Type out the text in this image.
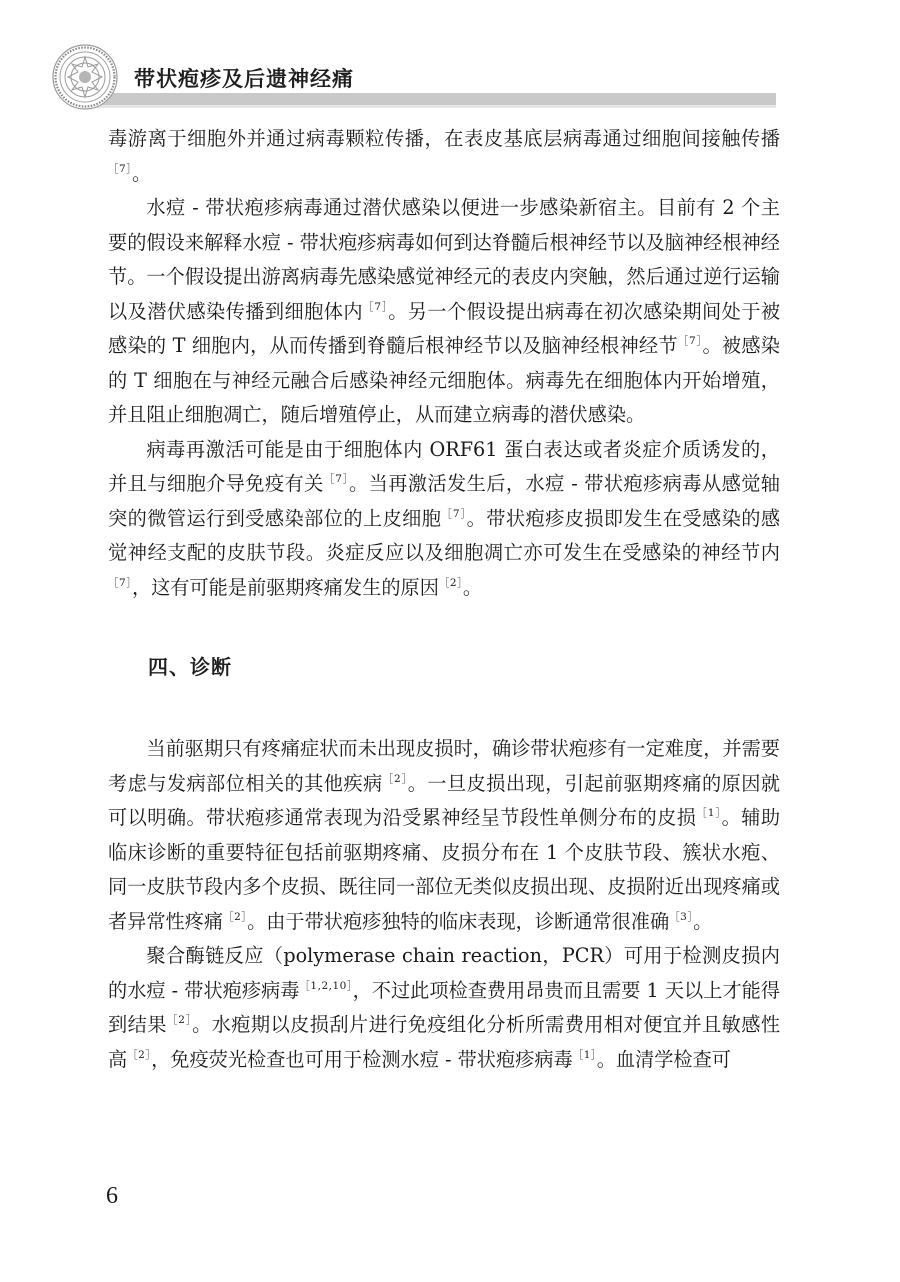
带状疱疹及后遗神经痛

毒游离于细胞外并通过病毒颗粒传播，在表皮基底层病毒通过细胞间接触传播$^{[7]}$。

水痘 - 带状疱疹病毒通过潜伏感染以便进一步感染新宿主。目前有 2 个主要的假设来解释水痘 - 带状疱疹病毒如何到达脊髓后根神经节以及脑神经根神经节。一个假设提出游离病毒先感染感觉神经元的表皮内突触，然后通过逆行运输以及潜伏感染传播到细胞体内$^{[7]}$。另一个假设提出病毒在初次感染期间处于被感染的 T 细胞内，从而传播到脊髓后根神经节以及脑神经根神经节$^{[7]}$。被感染的 T 细胞在与神经元融合后感染神经元细胞体。病毒先在细胞体内开始增殖，并且阻止细胞凋亡，随后增殖停止，从而建立病毒的潜伏感染。

病毒再激活可能是由于细胞体内 ORF61 蛋白表达或者炎症介质诱发的，并且与细胞介导免疫有关$^{[7]}$。当再激活发生后，水痘 - 带状疱疹病毒从感觉轴突的微管运行到受感染部位的上皮细胞$^{[7]}$。带状疱疹皮损即发生在受感染的感觉神经支配的皮肤节段。炎症反应以及细胞凋亡亦可发生在受感染的神经节内$^{[7]}$，这有可能是前驱期疼痛发生的原因$^{[2]}$。

四、诊断

当前驱期只有疼痛症状而未出现皮损时，确诊带状疱疹有一定难度，并需要考虑与发病部位相关的其他疾病$^{[2]}$。一旦皮损出现，引起前驱期疼痛的原因就可以明确。带状疱疹通常表现为沿受累神经呈节段性单侧分布的皮损$^{[1]}$。辅助临床诊断的重要特征包括前驱期疼痛、皮损分布在 1 个皮肤节段、簇状水疱、同一皮肤节段内多个皮损、既往同一部位无类似皮损出现、皮损附近出现疼痛或者异常性疼痛$^{[2]}$。由于带状疱疹独特的临床表现，诊断通常很准确$^{[3]}$。

聚合酶链反应（polymerase chain reaction，PCR）可用于检测皮损内的水痘 - 带状疱疹病毒$^{[1,2,10]}$，不过此项检查费用昂贵而且需要 1 天以上才能得到结果$^{[2]}$。水疱期以皮损刮片进行免疫组化分析所需费用相对便宜并且敏感性高$^{[2]}$，免疫荧光检查也可用于检测水痘 - 带状疱疹病毒$^{[1]}$。血清学检查可

6
